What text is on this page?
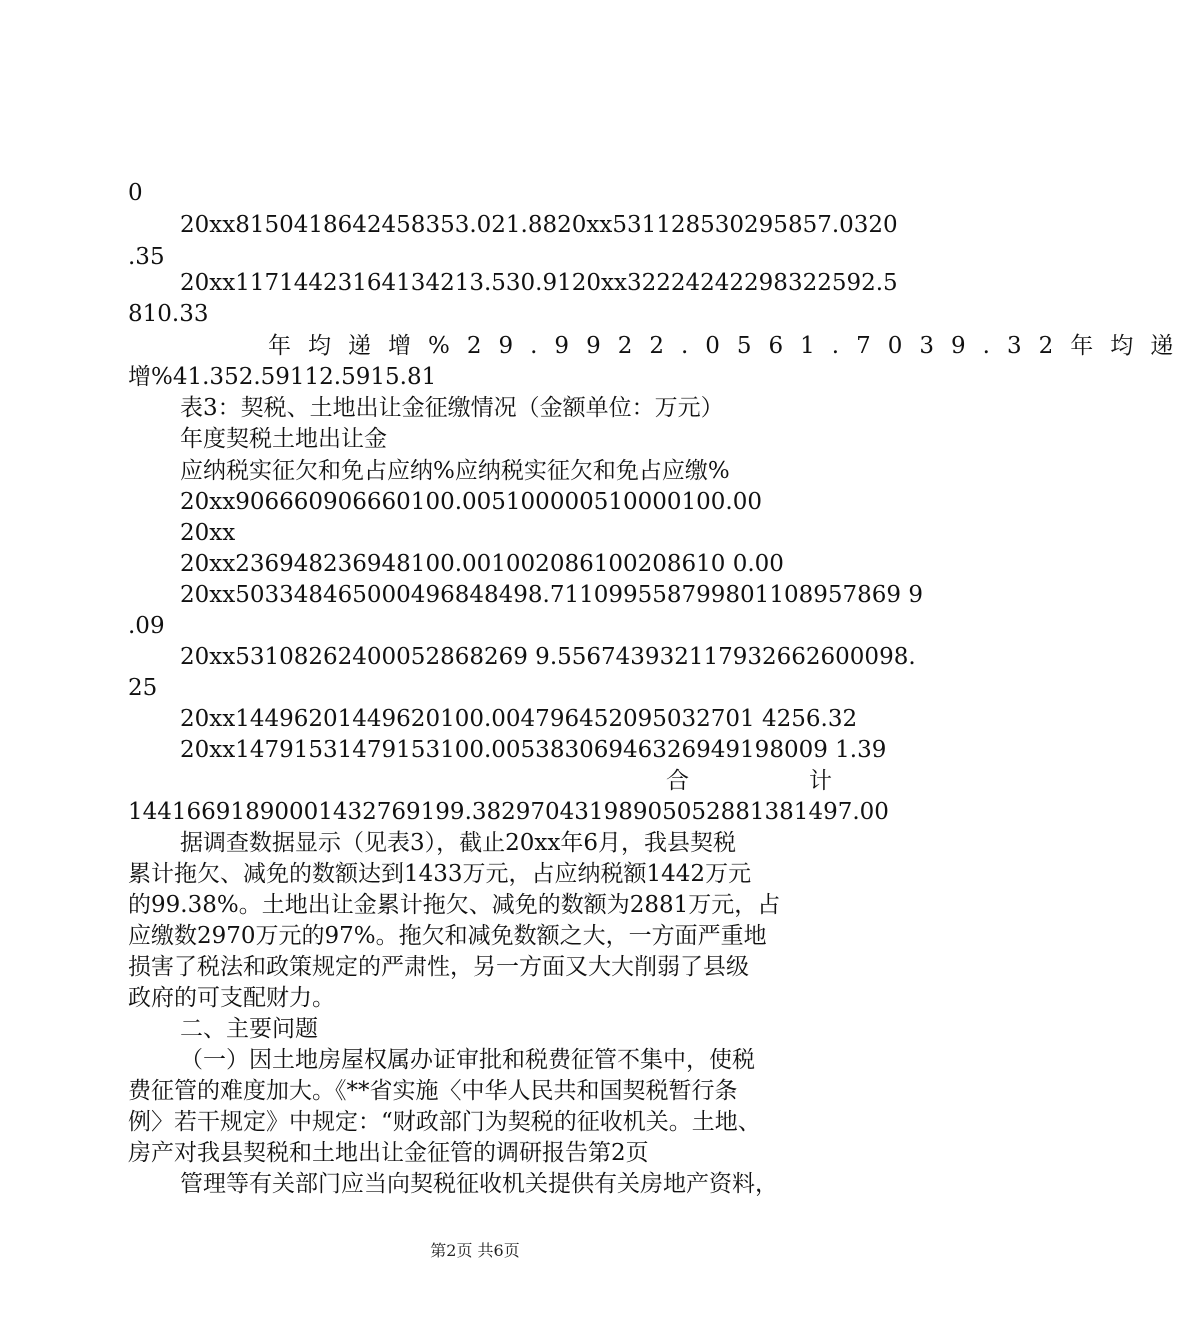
0
20xx8150418642458353.021.8820xx531128530295857.0320
.35
20xx11714423164134213.530.9120xx32224242298322592.5
810.33
年均递增%29.9922.0561.7039.32 年均递
增%41.352.59112.5915.81
表3：契税、土地出让金征缴情况（金额单位：万元）
年度契税土地出让金
应纳税实征欠和免占应纳%应纳税实征欠和免占应缴%
20xx906660906660100.005100000510000100.00
20xx
20xx236948236948100.001002086100208610 0.00
20xx503348465000496848498.711099558799801108957869 9
.09
20xx53108262400052868269 9.556743932117932662600098.
25
20xx14496201449620100.004796452095032701 4256.32
20xx14791531479153100.00538306946326949198009 1.39
合	计
14416691890001432769199.38297043198905052881381497.00
据调查数据显示（见表3），截止20xx年6月，我县契税
累计拖欠、减免的数额达到1433万元，占应纳税额1442万元
的99.38%。土地出让金累计拖欠、减免的数额为2881万元，占
应缴数2970万元的97%。拖欠和减免数额之大，一方面严重地
损害了税法和政策规定的严肃性，另一方面又大大削弱了县级
政府的可支配财力。
二、主要问题
（一）因土地房屋权属办证审批和税费征管不集中，使税
费征管的难度加大。《**省实施〈中华人民共和国契税暂行条
例〉若干规定》中规定：“财政部门为契税的征收机关。土地、
房产对我县契税和土地出让金征管的调研报告第2页
管理等有关部门应当向契税征收机关提供有关房地产资料，
第2页 共6页
